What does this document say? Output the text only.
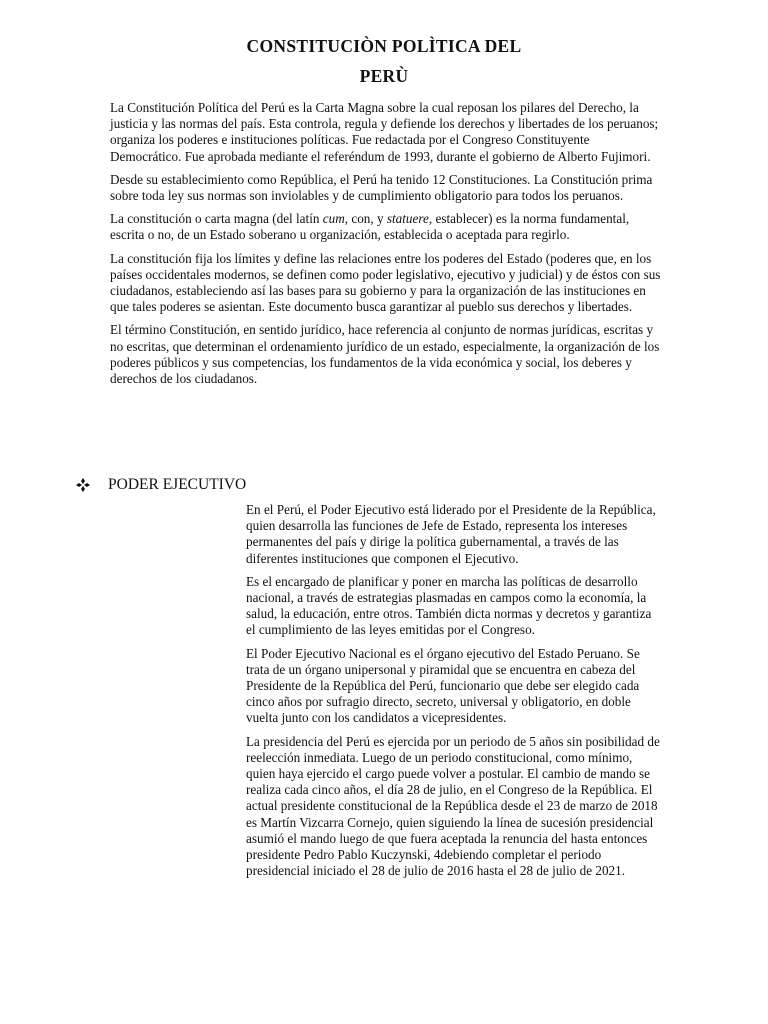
CONSTITUCIÒN POLÌTICA DEL
PERÙ

La Constitución Política del Perú es la Carta Magna sobre la cual reposan los pilares del Derecho, la justicia y las normas del país. Esta controla, regula y defiende los derechos y libertades de los peruanos; organiza los poderes e instituciones políticas. Fue redactada por el Congreso Constituyente Democrático. Fue aprobada mediante el referéndum de 1993, durante el gobierno de Alberto Fujimori.

Desde su establecimiento como República, el Perú ha tenido 12 Constituciones. La Constitución prima sobre toda ley sus normas son inviolables y de cumplimiento obligatorio para todos los peruanos.

La constitución o carta magna (del latín cum, con, y statuere, establecer) es la norma fundamental, escrita o no, de un Estado soberano u organización, establecida o aceptada para regirlo.

La constitución fija los límites y define las relaciones entre los poderes del Estado (poderes que, en los países occidentales modernos, se definen como poder legislativo, ejecutivo y judicial) y de éstos con sus ciudadanos, estableciendo así las bases para su gobierno y para la organización de las instituciones en que tales poderes se asientan. Este documento busca garantizar al pueblo sus derechos y libertades.

El término Constitución, en sentido jurídico, hace referencia al conjunto de normas jurídicas, escritas y no escritas, que determinan el ordenamiento jurídico de un estado, especialmente, la organización de los poderes públicos y sus competencias, los fundamentos de la vida económica y social, los deberes y derechos de los ciudadanos.

PODER EJECUTIVO

En el Perú, el Poder Ejecutivo está liderado por el Presidente de la República, quien desarrolla las funciones de Jefe de Estado, representa los intereses permanentes del país y dirige la política gubernamental, a través de las diferentes instituciones que componen el Ejecutivo.

Es el encargado de planificar y poner en marcha las políticas de desarrollo nacional, a través de estrategias plasmadas en campos como la economía, la salud, la educación, entre otros. También dicta normas y decretos y garantiza el cumplimiento de las leyes emitidas por el Congreso.

El Poder Ejecutivo Nacional es el órgano ejecutivo del Estado Peruano. Se trata de un órgano unipersonal y piramidal que se encuentra en cabeza del Presidente de la República del Perú, funcionario que debe ser elegido cada cinco años por sufragio directo, secreto, universal y obligatorio, en doble vuelta junto con los candidatos a vicepresidentes.

La presidencia del Perú es ejercida por un periodo de 5 años sin posibilidad de reelección inmediata. Luego de un periodo constitucional, como mínimo, quien haya ejercido el cargo puede volver a postular. El cambio de mando se realiza cada cinco años, el día 28 de julio, en el Congreso de la República. El actual presidente constitucional de la República desde el 23 de marzo de 2018 es Martín Vizcarra Cornejo, quien siguiendo la línea de sucesión presidencial asumió el mando luego de que fuera aceptada la renuncia del hasta entonces presidente Pedro Pablo Kuczynski, 4debiendo completar el periodo presidencial iniciado el 28 de julio de 2016 hasta el 28 de julio de 2021.
